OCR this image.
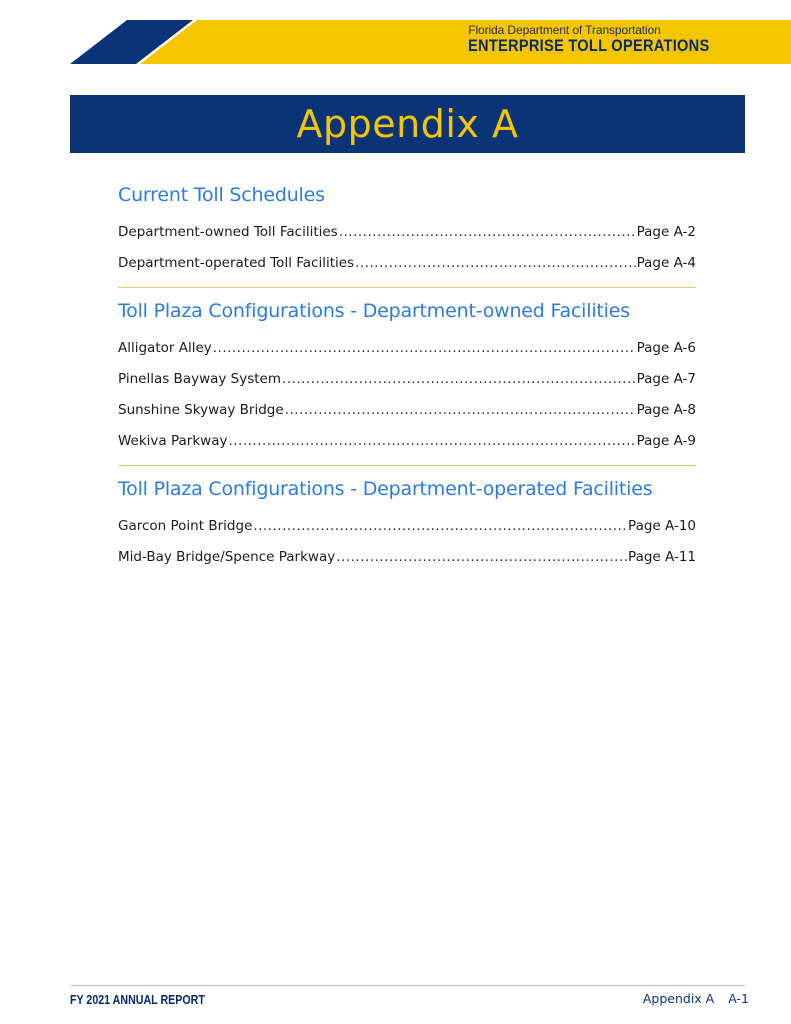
Florida Department of Transportation
ENTERPRISE TOLL OPERATIONS
Appendix A
Current Toll Schedules
Department-owned Toll Facilities .....	Page A-2
Department-operated Toll Facilities .....	Page A-4
Toll Plaza Configurations - Department-owned Facilities
Alligator Alley .....	Page A-6
Pinellas Bayway System .....	Page A-7
Sunshine Skyway Bridge .....	Page A-8
Wekiva Parkway .....	Page A-9
Toll Plaza Configurations - Department-operated Facilities
Garcon Point Bridge .....	Page A-10
Mid-Bay Bridge/Spence Parkway .....	Page A-11
FY 2021 ANNUAL REPORT	Appendix A A-1
